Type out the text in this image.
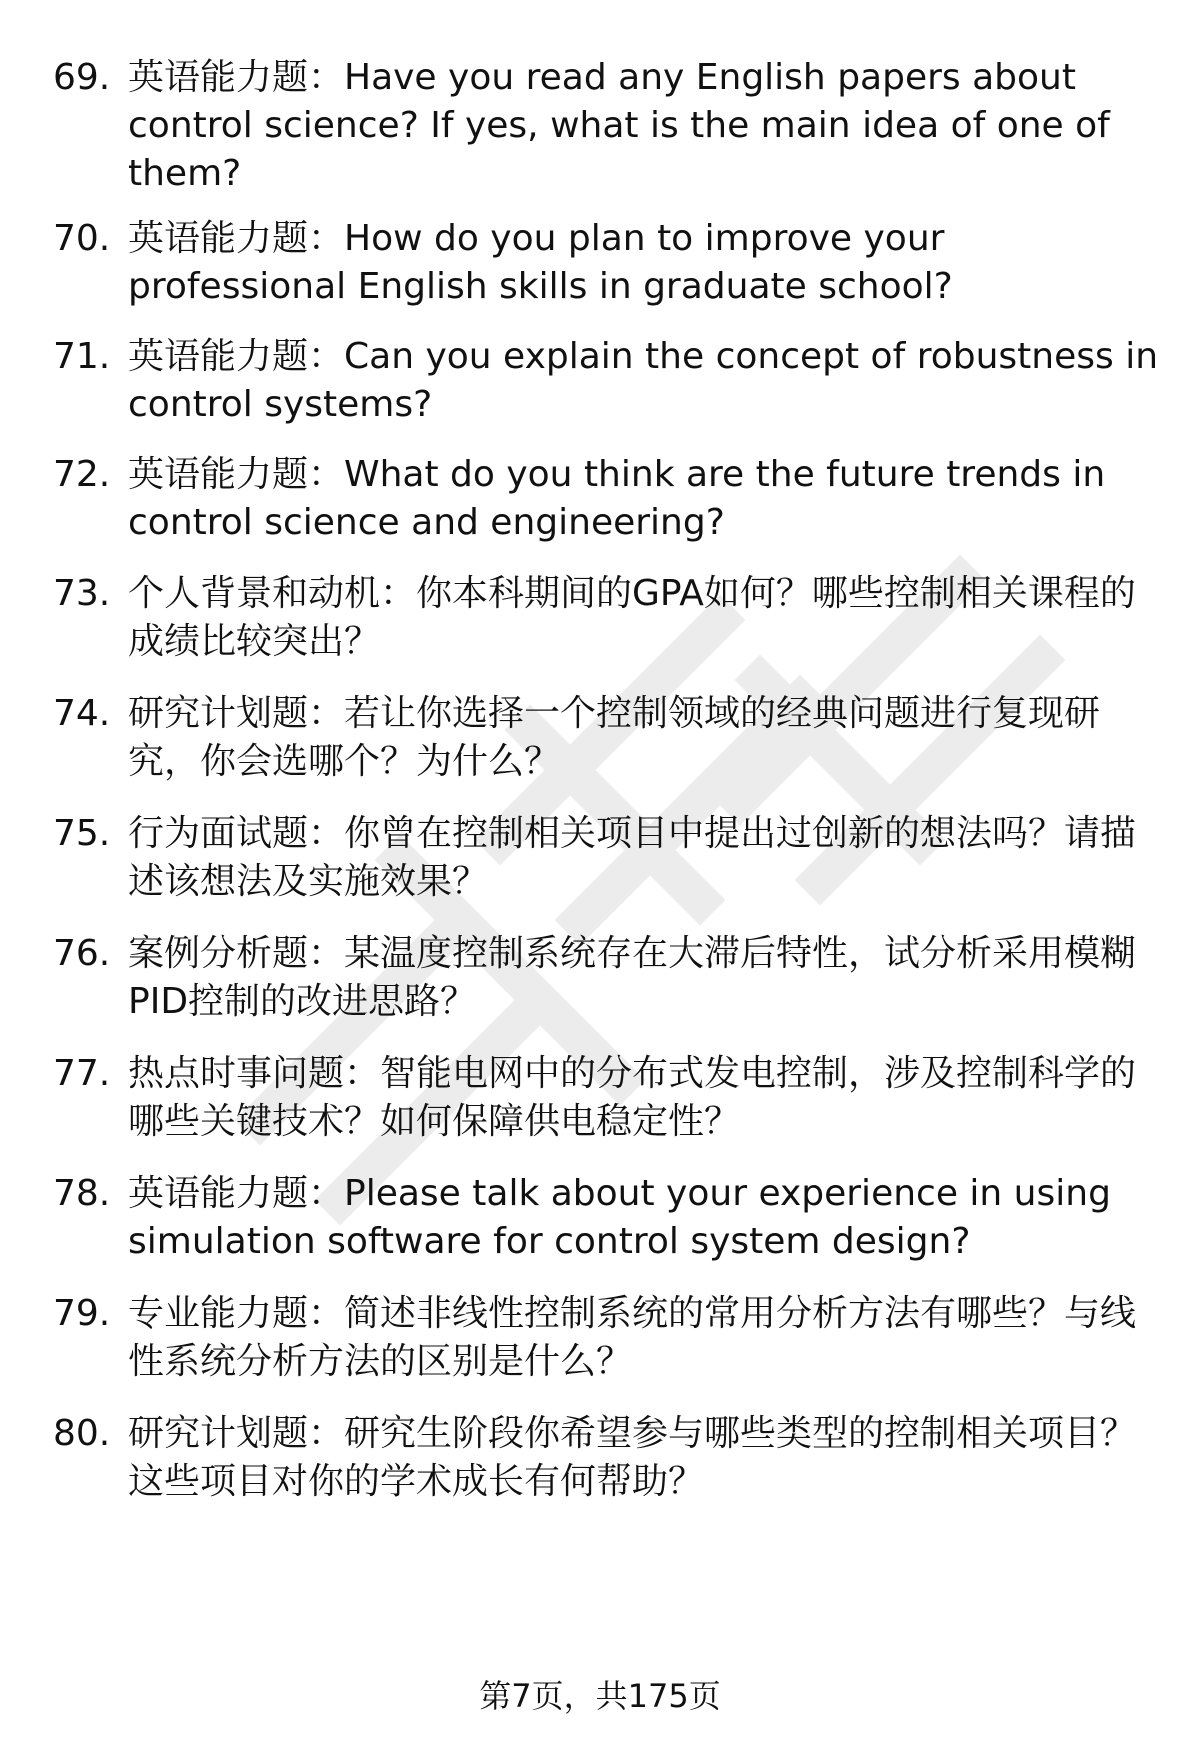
69. 英语能力题：Have you read any English papers about control science? If yes, what is the main idea of one of them?
70. 英语能力题：How do you plan to improve your professional English skills in graduate school?
71. 英语能力题：Can you explain the concept of robustness in control systems?
72. 英语能力题：What do you think are the future trends in control science and engineering?
73. 个人背景和动机：你本科期间的GPA如何？哪些控制相关课程的成绩比较突出？
74. 研究计划题：若让你选择一个控制领域的经典问题进行复现研究，你会选哪个？为什么？
75. 行为面试题：你曾在控制相关项目中提出过创新的想法吗？请描述该想法及实施效果？
76. 案例分析题：某温度控制系统存在大滞后特性，试分析采用模糊PID控制的改进思路？
77. 热点时事问题：智能电网中的分布式发电控制，涉及控制科学的哪些关键技术？如何保障供电稳定性？
78. 英语能力题：Please talk about your experience in using simulation software for control system design?
79. 专业能力题：简述非线性控制系统的常用分析方法有哪些？与线性系统分析方法的区别是什么？
80. 研究计划题：研究生阶段你希望参与哪些类型的控制相关项目？这些项目对你的学术成长有何帮助？
第7页，共175页
